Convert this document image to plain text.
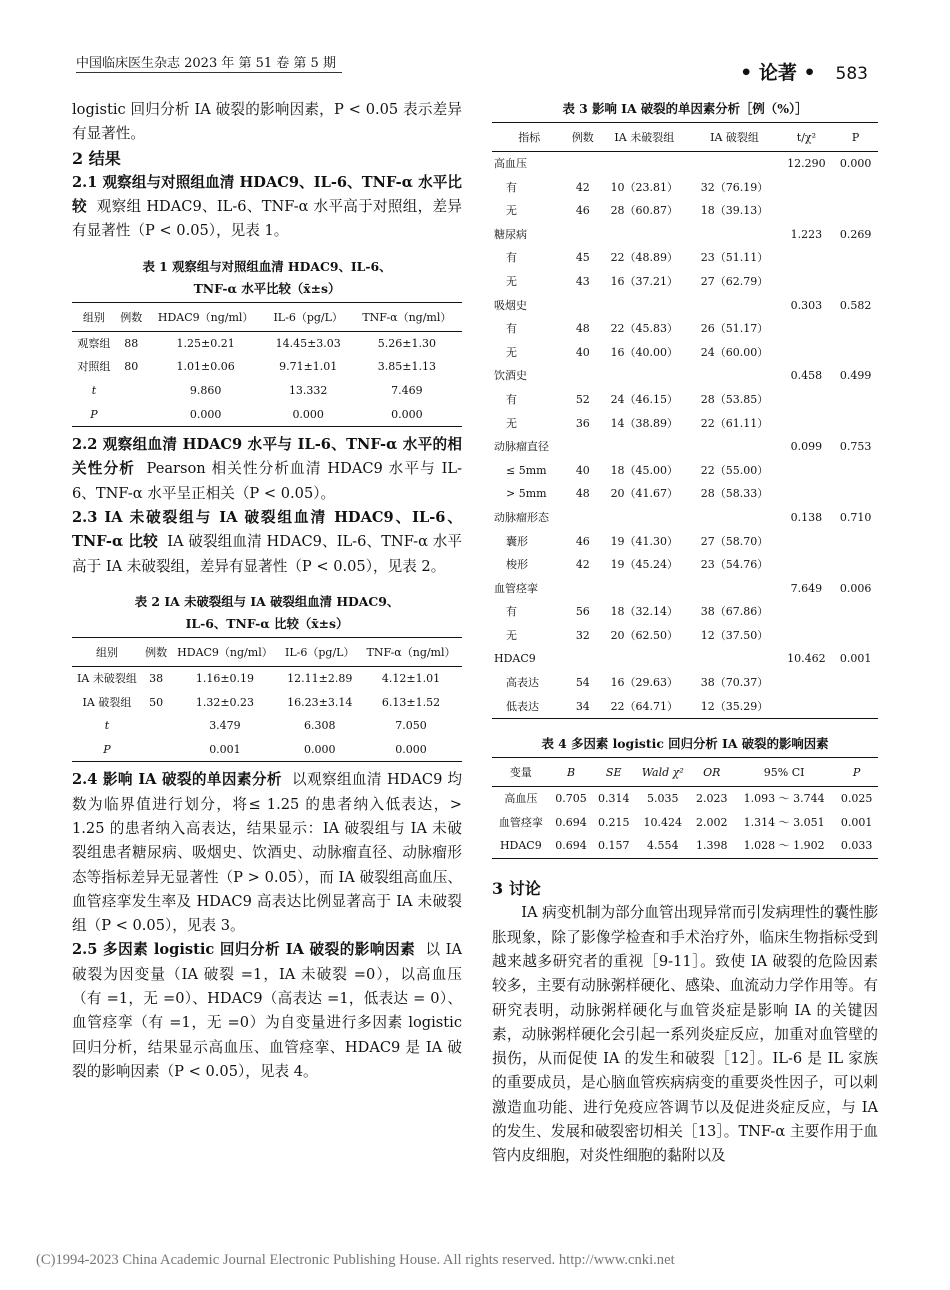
中国临床医生杂志 2023 年 第 51 卷 第 5 期	• 论著 • 583

logistic 回归分析 IA 破裂的影响因素，P < 0.05 表示差异有显著性。

2 结果

2.1 观察组与对照组血清 HDAC9、IL-6、TNF-α 水平比较 观察组 HDAC9、IL-6、TNF-α 水平高于对照组，差异有显著性（P < 0.05），见表 1。

表 1 观察组与对照组血清 HDAC9、IL-6、
TNF-α 水平比较（x̄±s）
组别	例数	HDAC9（ng/ml）	IL-6（pg/L）	TNF-α（ng/ml）
观察组	88	1.25±0.21	14.45±3.03	5.26±1.30
对照组	80	1.01±0.06	9.71±1.01	3.85±1.13
t		9.860	13.332	7.469
P		0.000	0.000	0.000

2.2 观察组血清 HDAC9 水平与 IL-6、TNF-α 水平的相关性分析 Pearson 相关性分析血清 HDAC9 水平与 IL-6、TNF-α 水平呈正相关（P < 0.05）。

2.3 IA 未破裂组与 IA 破裂组血清 HDAC9、IL-6、TNF-α 比较 IA 破裂组血清 HDAC9、IL-6、TNF-α 水平高于 IA 未破裂组，差异有显著性（P < 0.05），见表 2。

表 2 IA 未破裂组与 IA 破裂组血清 HDAC9、
IL-6、TNF-α 比较（x̄±s）
组别	例数	HDAC9（ng/ml）	IL-6（pg/L）	TNF-α（ng/ml）
IA 未破裂组	38	1.16±0.19	12.11±2.89	4.12±1.01
IA 破裂组	50	1.32±0.23	16.23±3.14	6.13±1.52
t		3.479	6.308	7.050
P		0.001	0.000	0.000

2.4 影响 IA 破裂的单因素分析 以观察组血清 HDAC9 均数为临界值进行划分，将≤ 1.25 的患者纳入低表达，> 1.25 的患者纳入高表达，结果显示：IA 破裂组与 IA 未破裂组患者糖尿病、吸烟史、饮酒史、动脉瘤直径、动脉瘤形态等指标差异无显著性（P > 0.05），而 IA 破裂组高血压、血管痉挛发生率及 HDAC9 高表达比例显著高于 IA 未破裂组（P < 0.05），见表 3。

2.5 多因素 logistic 回归分析 IA 破裂的影响因素 以 IA 破裂为因变量（IA 破裂 =1，IA 未破裂 =0），以高血压（有 =1，无 =0）、HDAC9（高表达 =1，低表达 = 0）、血管痉挛（有 =1，无 =0）为自变量进行多因素 logistic 回归分析，结果显示高血压、血管痉挛、HDAC9 是 IA 破裂的影响因素（P < 0.05），见表 4。

表 3 影响 IA 破裂的单因素分析［例（%）］
指标	例数	IA 未破裂组	IA 破裂组	t/χ²	P
高血压				12.290	0.000
有	42	10（23.81）	32（76.19）		
无	46	28（60.87）	18（39.13）		
糖尿病				1.223	0.269
有	45	22（48.89）	23（51.11）		
无	43	16（37.21）	27（62.79）		
吸烟史				0.303	0.582
有	48	22（45.83）	26（51.17）		
无	40	16（40.00）	24（60.00）		
饮酒史				0.458	0.499
有	52	24（46.15）	28（53.85）		
无	36	14（38.89）	22（61.11）		
动脉瘤直径				0.099	0.753
≤ 5mm	40	18（45.00）	22（55.00）		
> 5mm	48	20（41.67）	28（58.33）		
动脉瘤形态				0.138	0.710
囊形	46	19（41.30）	27（58.70）		
梭形	42	19（45.24）	23（54.76）		
血管痉挛				7.649	0.006
有	56	18（32.14）	38（67.86）		
无	32	20（62.50）	12（37.50）		
HDAC9				10.462	0.001
高表达	54	16（29.63）	38（70.37）		
低表达	34	22（64.71）	12（35.29）		
表 4 多因素 logistic 回归分析 IA 破裂的影响因素
变量	B	SE	Wald χ²	OR	95% CI	P
高血压	0.705	0.314	5.035	2.023	1.093 ～ 3.744	0.025
血管痉挛	0.694	0.215	10.424	2.002	1.314 ～ 3.051	0.001
HDAC9	0.694	0.157	4.554	1.398	1.028 ～ 1.902	0.033

3 讨论

IA 病变机制为部分血管出现异常而引发病理性的囊性膨胀现象，除了影像学检查和手术治疗外，临床生物指标受到越来越多研究者的重视［9-11］。致使 IA 破裂的危险因素较多，主要有动脉粥样硬化、感染、血流动力学作用等。有研究表明，动脉粥样硬化与血管炎症是影响 IA 的关键因素，动脉粥样硬化会引起一系列炎症反应，加重对血管壁的损伤，从而促使 IA 的发生和破裂［12］。IL-6 是 IL 家族的重要成员，是心脑血管疾病病变的重要炎性因子，可以刺激造血功能、进行免疫应答调节以及促进炎症反应，与 IA 的发生、发展和破裂密切相关［13］。TNF-α 主要作用于血管内皮细胞，对炎性细胞的黏附以及

(C)1994-2023 China Academic Journal Electronic Publishing House. All rights reserved. http://www.cnki.net
